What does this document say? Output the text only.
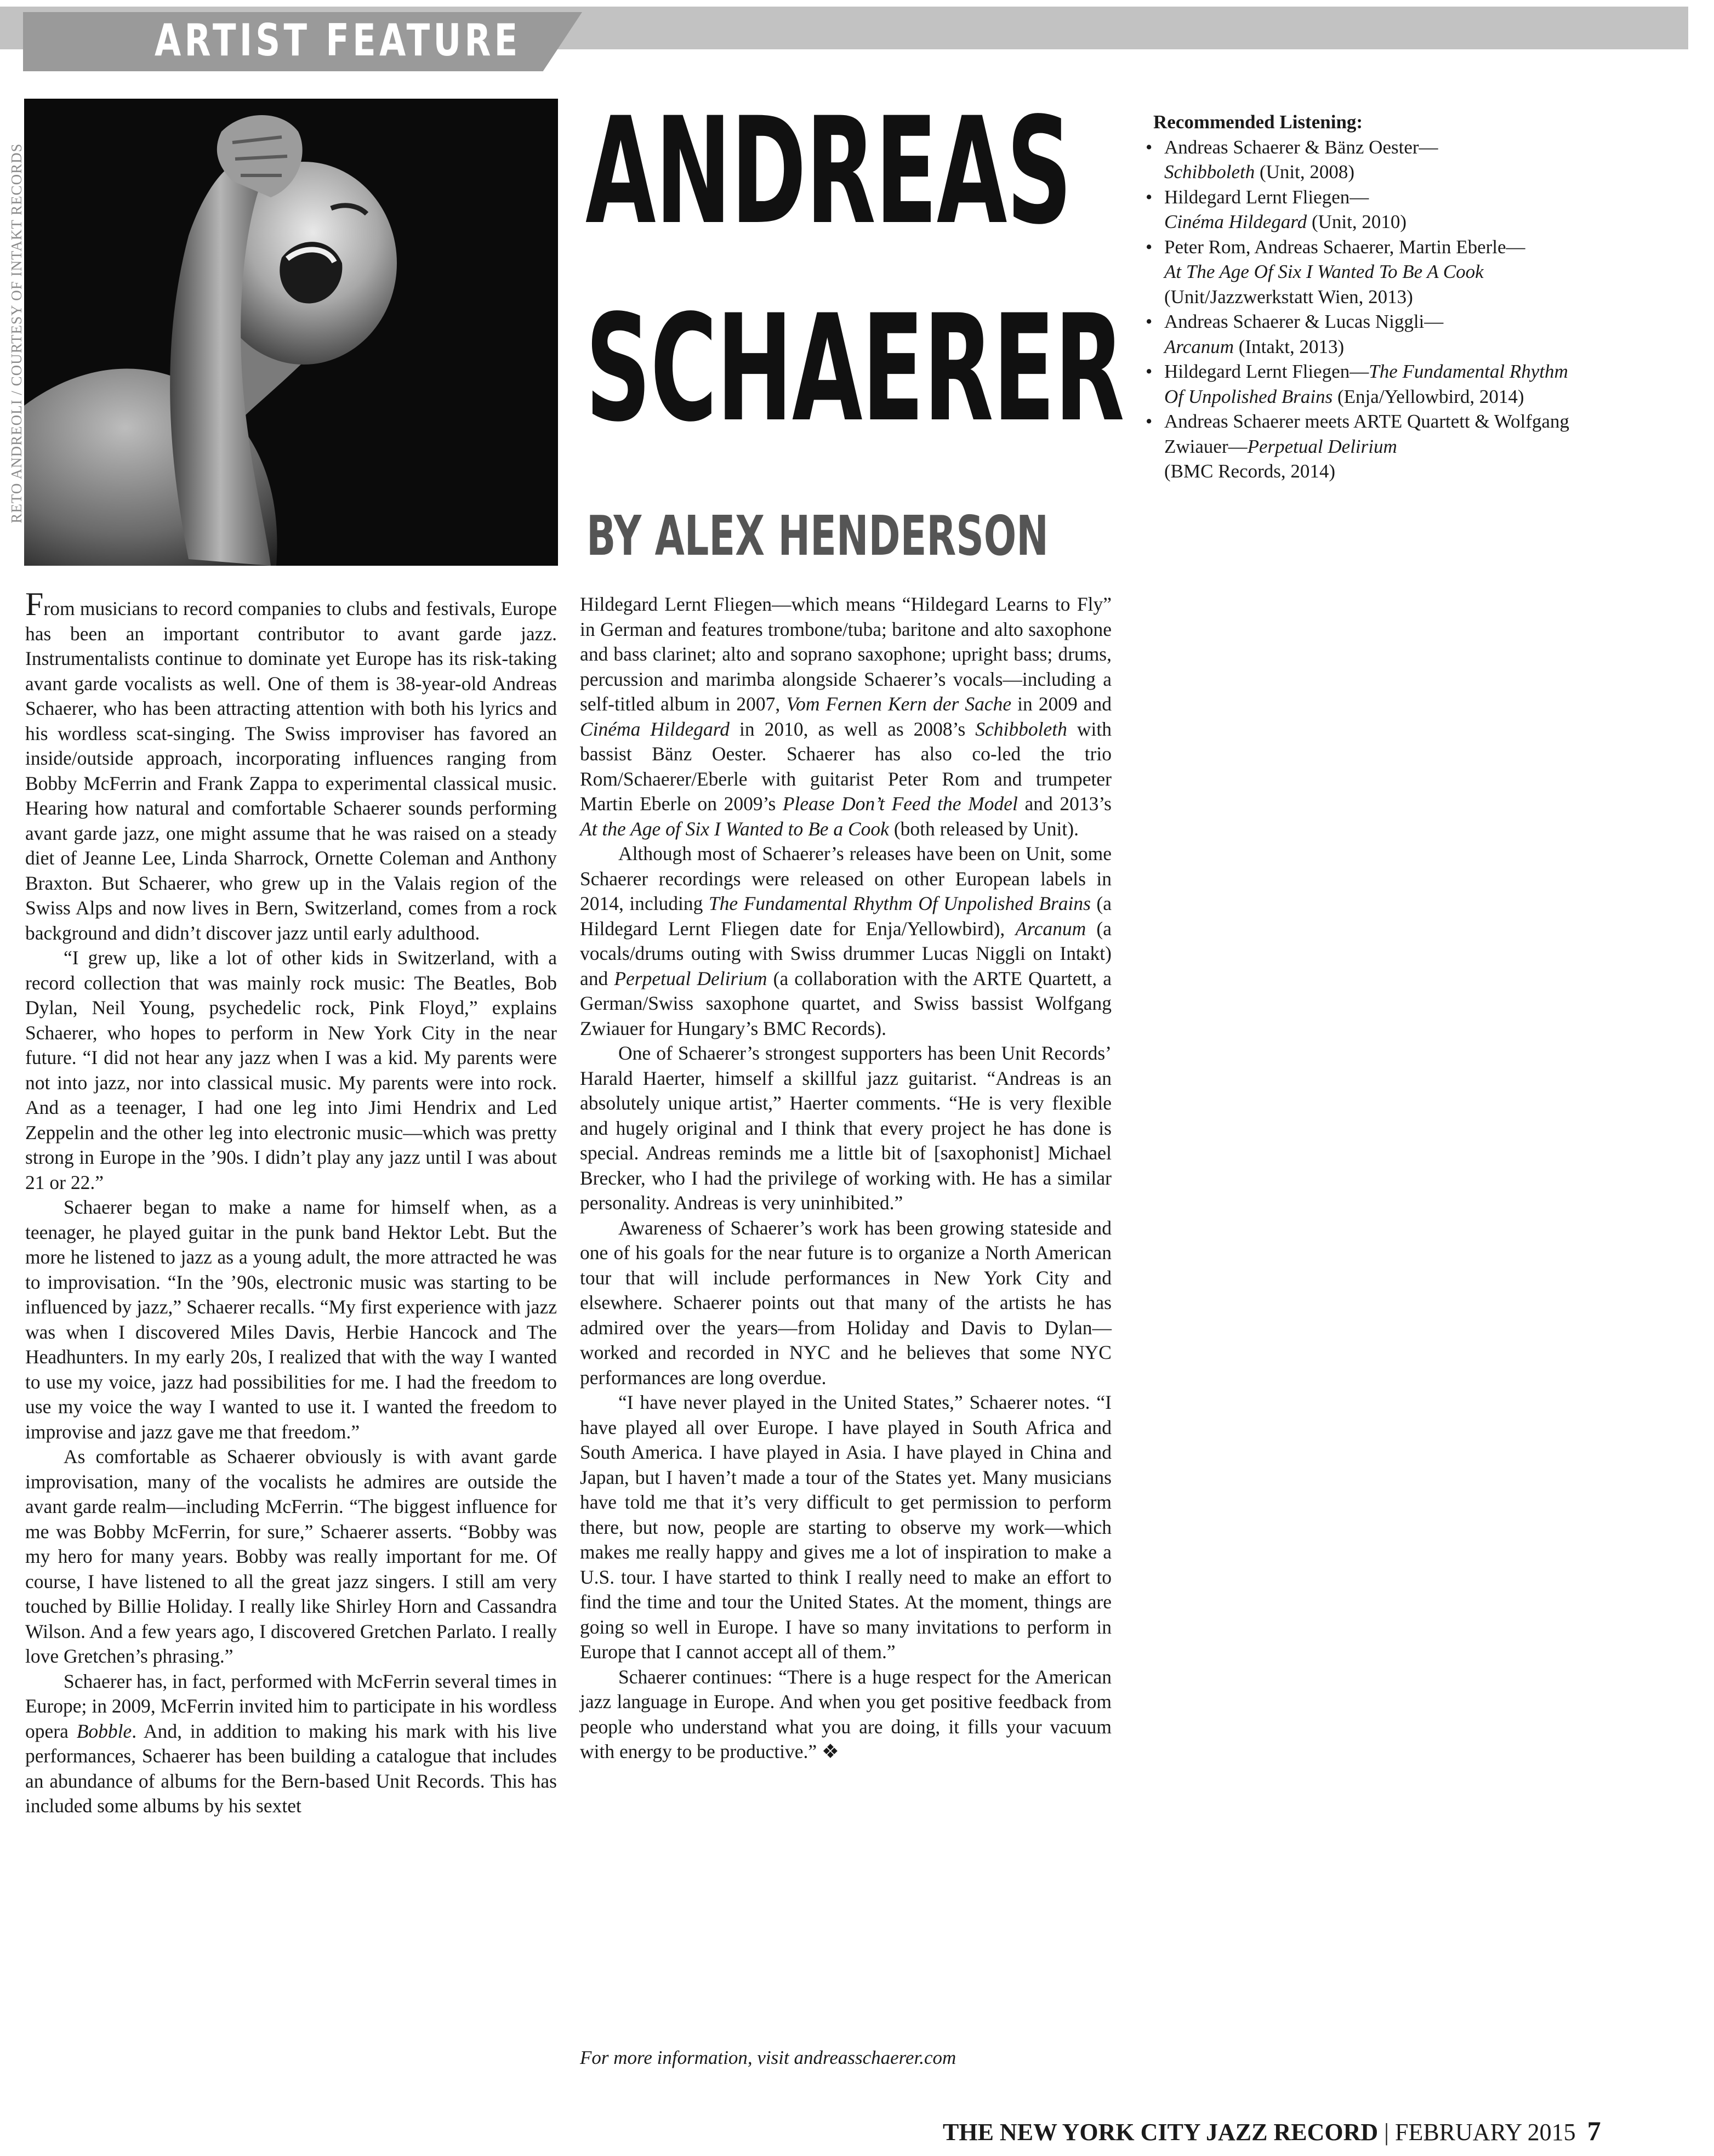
ARTIST FEATURE
RETO ANDREOLI / COURTESY OF INTAKT RECORDS	ANDREAS
SCHAERER
BY ALEX HENDERSON
Recommended Listening:
• Andreas Schaerer & Bänz Oester—
Schibboleth (Unit, 2008)
• Hildegard Lernt Fliegen—
Cinéma Hildegard (Unit, 2010)
• Peter Rom, Andreas Schaerer, Martin Eberle—
At The Age Of Six I Wanted To Be A Cook
(Unit/Jazzwerkstatt Wien, 2013)
• Andreas Schaerer & Lucas Niggli—
Arcanum (Intakt, 2013)
• Hildegard Lernt Fliegen—The Fundamental Rhythm
Of Unpolished Brains (Enja/Yellowbird, 2014)
• Andreas Schaerer meets ARTE Quartett & Wolfgang
Zwiauer—Perpetual Delirium
(BMC Records, 2014)

From musicians to record companies to clubs and festivals, Europe has been an important contributor to avant garde jazz. Instrumentalists continue to dominate yet Europe has its risk-taking avant garde vocalists as well. One of them is 38-year-old Andreas Schaerer, who has been attracting attention with both his lyrics and his wordless scat-singing. The Swiss improviser has favored an inside/outside approach, incorporating influences ranging from Bobby McFerrin and Frank Zappa to experimental classical music. Hearing how natural and comfortable Schaerer sounds performing avant garde jazz, one might assume that he was raised on a steady diet of Jeanne Lee, Linda Sharrock, Ornette Coleman and Anthony Braxton. But Schaerer, who grew up in the Valais region of the Swiss Alps and now lives in Bern, Switzerland, comes from a rock background and didn’t discover jazz until early adulthood.

“I grew up, like a lot of other kids in Switzerland, with a record collection that was mainly rock music: The Beatles, Bob Dylan, Neil Young, psychedelic rock, Pink Floyd,” explains Schaerer, who hopes to perform in New York City in the near future. “I did not hear any jazz when I was a kid. My parents were not into jazz, nor into classical music. My parents were into rock. And as a teenager, I had one leg into Jimi Hendrix and Led Zeppelin and the other leg into electronic music—which was pretty strong in Europe in the ’90s. I didn’t play any jazz until I was about 21 or 22.”

Schaerer began to make a name for himself when, as a teenager, he played guitar in the punk band Hektor Lebt. But the more he listened to jazz as a young adult, the more attracted he was to improvisation. “In the ’90s, electronic music was starting to be influenced by jazz,” Schaerer recalls. “My first experience with jazz was when I discovered Miles Davis, Herbie Hancock and The Headhunters. In my early 20s, I realized that with the way I wanted to use my voice, jazz had possibilities for me. I had the freedom to use my voice the way I wanted to use it. I wanted the freedom to improvise and jazz gave me that freedom.”

As comfortable as Schaerer obviously is with avant garde improvisation, many of the vocalists he admires are outside the avant garde realm—including McFerrin. “The biggest influence for me was Bobby McFerrin, for sure,” Schaerer asserts. “Bobby was my hero for many years. Bobby was really important for me. Of course, I have listened to all the great jazz singers. I still am very touched by Billie Holiday. I really like Shirley Horn and Cassandra Wilson. And a few years ago, I discovered Gretchen Parlato. I really love Gretchen’s phrasing.”

Schaerer has, in fact, performed with McFerrin several times in Europe; in 2009, McFerrin invited him to participate in his wordless opera Bobble. And, in addition to making his mark with his live performances, Schaerer has been building a catalogue that includes an abundance of albums for the Bern-based Unit Records. This has included some albums by his sextet

Hildegard Lernt Fliegen—which means “Hildegard Learns to Fly” in German and features trombone/tuba; baritone and alto saxophone and bass clarinet; alto and soprano saxophone; upright bass; drums, percussion and marimba alongside Schaerer’s vocals—including a self-titled album in 2007, Vom Fernen Kern der Sache in 2009 and Cinéma Hildegard in 2010, as well as 2008’s Schibboleth with bassist Bänz Oester. Schaerer has also co-led the trio Rom/Schaerer/Eberle with guitarist Peter Rom and trumpeter Martin Eberle on 2009’s Please Don’t Feed the Model and 2013’s At the Age of Six I Wanted to Be a Cook (both released by Unit).

Although most of Schaerer’s releases have been on Unit, some Schaerer recordings were released on other European labels in 2014, including The Fundamental Rhythm Of Unpolished Brains (a Hildegard Lernt Fliegen date for Enja/Yellowbird), Arcanum (a vocals/drums outing with Swiss drummer Lucas Niggli on Intakt) and Perpetual Delirium (a collaboration with the ARTE Quartett, a German/Swiss saxophone quartet, and Swiss bassist Wolfgang Zwiauer for Hungary’s BMC Records).

One of Schaerer’s strongest supporters has been Unit Records’ Harald Haerter, himself a skillful jazz guitarist. “Andreas is an absolutely unique artist,” Haerter comments. “He is very flexible and hugely original and I think that every project he has done is special. Andreas reminds me a little bit of [saxophonist] Michael Brecker, who I had the privilege of working with. He has a similar personality. Andreas is very uninhibited.”

Awareness of Schaerer’s work has been growing stateside and one of his goals for the near future is to organize a North American tour that will include performances in New York City and elsewhere. Schaerer points out that many of the artists he has admired over the years—from Holiday and Davis to Dylan—worked and recorded in NYC and he believes that some NYC performances are long overdue.

“I have never played in the United States,” Schaerer notes. “I have played all over Europe. I have played in South Africa and South America. I have played in Asia. I have played in China and Japan, but I haven’t made a tour of the States yet. Many musicians have told me that it’s very difficult to get permission to perform there, but now, people are starting to observe my work—which makes me really happy and gives me a lot of inspiration to make a U.S. tour. I have started to think I really need to make an effort to find the time and tour the United States. At the moment, things are going so well in Europe. I have so many invitations to perform in Europe that I cannot accept all of them.”

Schaerer continues: “There is a huge respect for the American jazz language in Europe. And when you get positive feedback from people who understand what you are doing, it fills your vacuum with energy to be productive.” ❖

For more information, visit andreasschaerer.com
THE NEW YORK CITY JAZZ RECORD | FEBRUARY 2015 7
